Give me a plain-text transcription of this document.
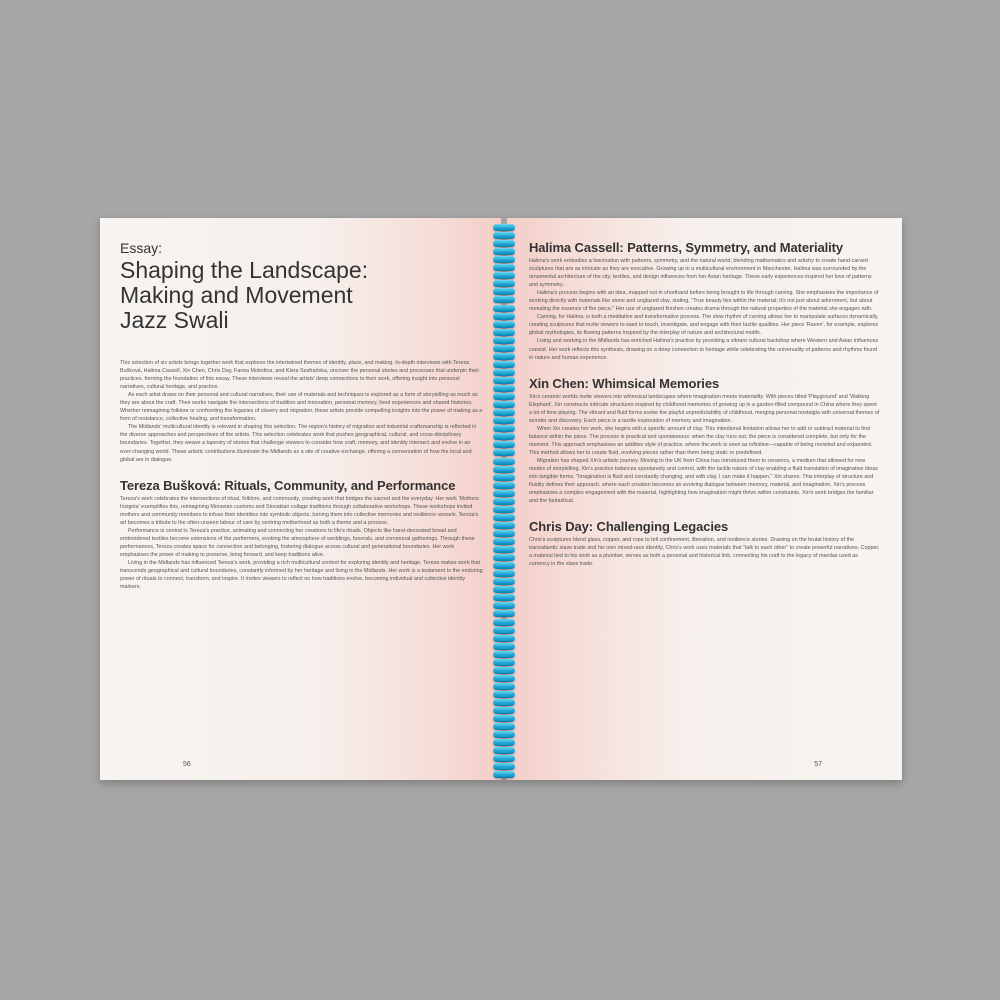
Essay:
Shaping the Landscape:
Making and Movement
Jazz Swali

This selection of six artists brings together work that explores the intertwined themes of identity, place, and making. In-depth interviews with Tereza Bušková, Halima Cassell, Xin Chen, Chris Day, Farwa Moledina, and Klara Szafrańska, uncover the personal stories and processes that underpin their practices, forming the foundation of this essay. These interviews reveal the artists' deep connections to their work, offering insight into personal narratives, cultural heritage, and practice.

As each artist draws on their personal and cultural narratives, their use of materials and techniques is explored as a form of storytelling as much as they are about the craft. Their works navigate the intersections of tradition and innovation, personal memory, lived experiences and shared histories. Whether reimagining folklore or confronting the legacies of slavery and migration, these artists provide compelling insights into the power of making as a form of resistance, collective healing, and transformation.

The Midlands' multicultural identity is relevant in shaping this selection. The region's history of migration and industrial craftsmanship is reflected in the diverse approaches and perspectives of the artists. This selection celebrates work that pushes geographical, cultural, and cross-disciplinary boundaries. Together, they weave a tapestry of stories that challenge viewers to consider how craft, memory, and identity intersect and evolve in an ever-changing world. These artistic contributions illuminate the Midlands as a site of creative exchange, offering a conversation of how the local and global are in dialogue.

Tereza Bušková: Rituals, Community, and Performance

Tereza's work celebrates the intersections of ritual, folklore, and community, creating work that bridges the sacred and the everyday. Her work 'Mothers Insignia' exemplifies this, reimagining Moravian customs and Slovakian collage traditions through collaborative workshops. These workshops invited mothers and community members to infuse their identities into symbolic objects, turning them into collective memories and resilience vessels. Tereza's art becomes a tribute to the often-unseen labour of care by centring motherhood as both a theme and a process.

Performance is central to Tereza's practice, animating and connecting her creations to life's rituals. Objects like hand-decorated bread and embroidered textiles become extensions of the performers, evoking the atmosphere of weddings, funerals, and communal gatherings. Through these performances, Tereza creates space for connection and belonging, fostering dialogue across cultural and generational boundaries. Her work emphasises the power of making to preserve, bring forward, and keep traditions alive.

Living in the Midlands has influenced Tereza's work, providing a rich multicultural context for exploring identity and heritage. Tereza makes work that transcends geographical and cultural boundaries, constantly informed by her heritage and living in the Midlands. Her work is a testament to the enduring power of rituals to connect, transform, and inspire. It invites viewers to reflect on how traditions evolve, becoming individual and collective identity markers.

56
Halima Cassell: Patterns, Symmetry, and Materiality

Halima's work embodies a fascination with patterns, symmetry, and the natural world, blending mathematics and artistry to create hand-carved sculptures that are as intricate as they are evocative. Growing up in a multicultural environment in Manchester, Halima was surrounded by the ornamental architecture of the city, textiles, and design influences from her Asian heritage. These early experiences inspired her love of patterns and symmetry.

Halima's process begins with an idea, mapped out in shorthand before being brought to life through carving. She emphasises the importance of working directly with materials like stone and unglazed clay, stating, "True beauty lies within the material; it's not just about adornment, but about revealing the essence of the piece." Her use of unglazed finishes creates drama through the natural properties of the material she engages with.

Carving, for Halima, is both a meditative and transformative process. The slow rhythm of carving allows her to manipulate surfaces dynamically, creating sculptures that invite viewers to want to touch, investigate, and engage with their tactile qualities. Her piece 'Raven', for example, explores global mythologies, its flowing patterns inspired by the interplay of nature and architectural motifs.

Living and working in the Midlands has enriched Halima's practice by providing a vibrant cultural backdrop where Western and Asian influences coexist. Her work reflects this synthesis, drawing on a deep connection to heritage while celebrating the universality of patterns and rhythms found in nature and human experience.

Xin Chen: Whimsical Memories

Xin's ceramic worlds invite viewers into whimsical landscapes where imagination meets materiality. With pieces titled 'Playground' and 'Walking Elephant', Xin constructs intricate structures inspired by childhood memories of growing up in a garden-filled compound in China where they spent a lot of time playing. The vibrant and fluid forms evoke the playful unpredictability of childhood, merging personal nostalgia with universal themes of wonder and discovery. Each piece is a tactile exploration of memory and imagination.

When Xin creates her work, she begins with a specific amount of clay. This intentional limitation allows her to add or subtract material to find balance within the piece. The process is practical and spontaneous: when the clay runs out, the piece is considered complete, but only for the moment. This approach emphasises an additive style of practice, where the work is seen as infinitive—capable of being revisited and expanded. This method allows her to create fluid, evolving pieces rather than them being static or predefined.

Migration has shaped Xin's artistic journey. Moving to the UK from China has introduced them to ceramics, a medium that allowed for new modes of storytelling. Xin's practice balances spontaneity and control, with the tactile nature of clay enabling a fluid translation of imaginative ideas into tangible forms. "Imagination is fluid and constantly changing, and with clay, I can make it happen," Xin shares. This interplay of structure and fluidity defines their approach, where each creation becomes an evolving dialogue between memory, material, and imagination. Xin's process emphasises a complex engagement with the material, highlighting how imagination might thrive within constraints. Xin's work bridges the familiar and the fantastical.

Chris Day: Challenging Legacies

Chris's sculptures blend glass, copper, and rope to tell confinement, liberation, and resilience stories. Drawing on the brutal history of the transatlantic slave trade and his own mixed-race identity, Chris's work uses materials that "talk to each other" to create powerful narratives. Copper, a material tied to his work as a plumber, serves as both a personal and historical link, connecting his craft to the legacy of manilas used as currency in the slave trade.

57
